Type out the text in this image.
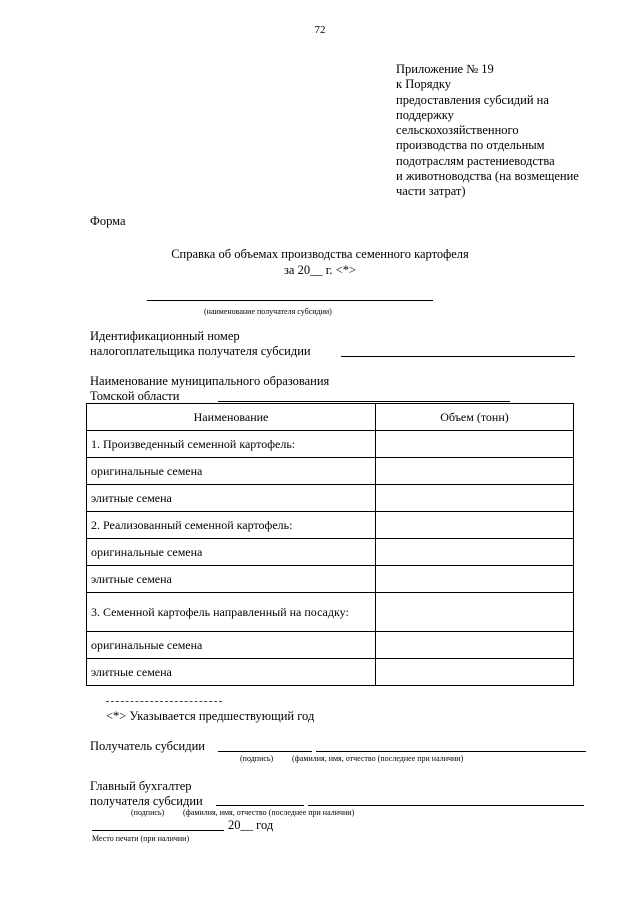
72
Приложение № 19
к Порядку
предоставления субсидий на
поддержку
сельскохозяйственного
производства по отдельным
подотраслям растениеводства
и животноводства (на возмещение
части затрат)
Форма
Справка об объемах производства семенного картофеля
за 20__ г. <*>
(наименование получателя субсидии)
Идентификационный номер
налогоплательщика получателя субсидии
Наименование муниципального образования
Томской области
Наименование	Объем (тонн)
1. Произведенный семенной картофель:	
оригинальные семена	
элитные семена	
2. Реализованный семенной картофель:	
оригинальные семена	
элитные семена	
3. Семенной картофель направленный на посадку:	
оригинальные семена	
элитные семена	
<*> Указывается предшествующий год
Получатель субсидии
(подпись) (фамилия, имя, отчество (последнее при наличии)
Главный бухгалтер
получателя субсидии
(подпись) (фамилия, имя, отчество (последнее при наличии)
20__ год
Место печати (при наличии)
